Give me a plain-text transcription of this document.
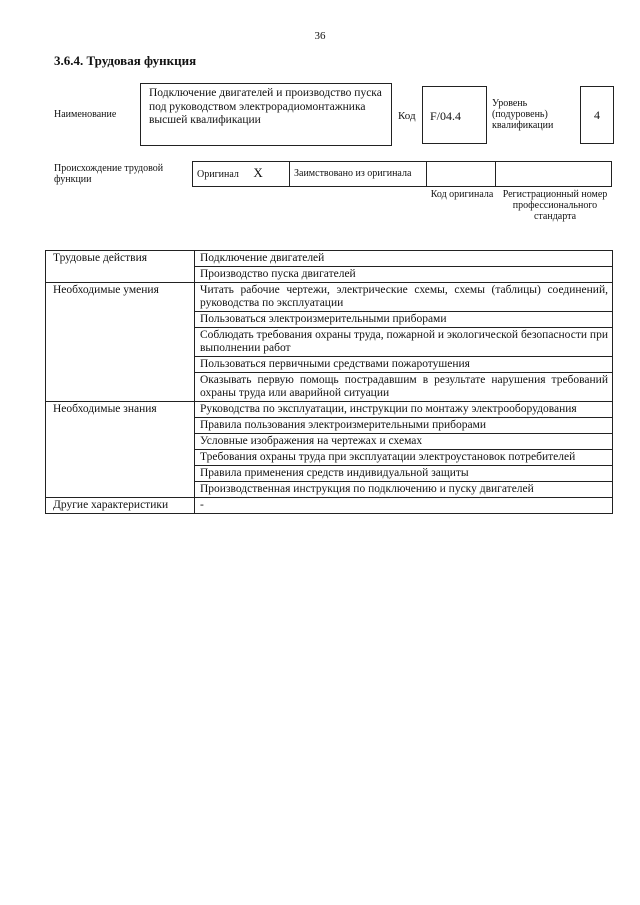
36
3.6.4. Трудовая функция
Наименование
Подключение двигателей и производство пуска под руководством электрорадиомонтажника высшей квалификации	Код F/04.4
Уровень (подуровень) квалификации
4
Происхождение трудовой функции	Оригинал X	Заимствовано из оригинала		
Код оригинала Регистрационный номер профессионального стандарта
Трудовые действия	Подключение двигателей
	Производство пуска двигателей
Необходимые умения	Читать рабочие чертежи, электрические схемы, схемы (таблицы) соединений, руководства по эксплуатации
	Пользоваться электроизмерительными приборами
	Соблюдать требования охраны труда, пожарной и экологической безопасности при выполнении работ
	Пользоваться первичными средствами пожаротушения
	Оказывать первую помощь пострадавшим в результате нарушения требований охраны труда или аварийной ситуации
Необходимые знания	Руководства по эксплуатации, инструкции по монтажу электрооборудования
	Правила пользования электроизмерительными приборами
	Условные изображения на чертежах и схемах
	Требования охраны труда при эксплуатации электроустановок потребителей
	Правила применения средств индивидуальной защиты
	Производственная инструкция по подключению и пуску двигателей
Другие характеристики	-
